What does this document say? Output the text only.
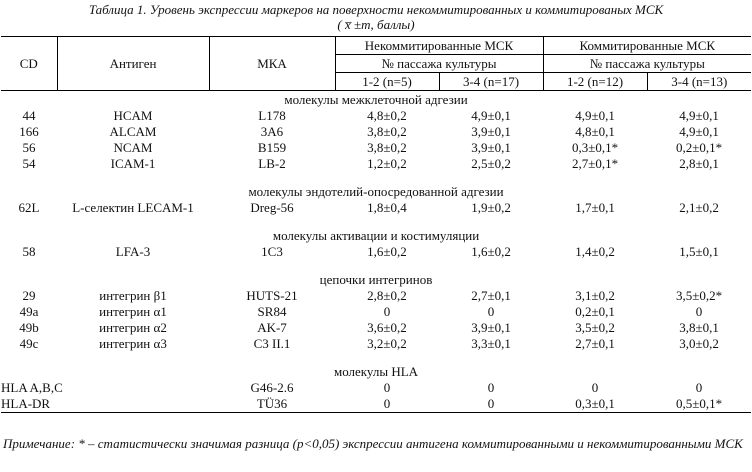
Таблица 1. Уровень экспрессии маркеров на поверхности некоммитированных и коммитированых МСК
( x̅ ±m, баллы)
CD	Антиген	МКА	Некоммитированные МСК		Коммитированные МСК	
			№ пассажа культуры		№ пассажа культуры	
			1-2 (n=5)	3-4 (n=17)	1-2 (n=12)	3-4 (n=13)
молекулы межклеточной адгезии						
44	HCAM	L178	4,8±0,2	4,9±0,1	4,9±0,1	4,9±0,1
166	ALCAM	3A6	3,8±0,2	3,9±0,1	4,8±0,1	4,9±0,1
56	NCAM	B159	3,8±0,2	3,9±0,1	0,3±0,1*	0,2±0,1*
54	ICAM-1	LB-2	1,2±0,2	2,5±0,2	2,7±0,1*	2,8±0,1

молекулы эндотелий-опосредованной адгезии						
62L	L-селектин LECAM-1	Dreg-56	1,8±0,4	1,9±0,2	1,7±0,1	2,1±0,2

молекулы активации и костимуляции						
58	LFA-3	1C3	1,6±0,2	1,6±0,2	1,4±0,2	1,5±0,1

цепочки интегринов						
29	интегрин β1	HUTS-21	2,8±0,2	2,7±0,1	3,1±0,2	3,5±0,2*
49a	интегрин α1	SR84	0	0	0,2±0,1	0
49b	интегрин α2	AK-7	3,6±0,2	3,9±0,1	3,5±0,2	3,8±0,1
49c	интегрин α3	C3 II.1	3,2±0,2	3,3±0,1	2,7±0,1	3,0±0,2

молекулы HLA						
HLA A,B,C		G46-2.6	0	0	0	0
HLA-DR		TÜ36	0	0	0,3±0,1	0,5±0,1*
Примечание: * – статистически значимая разница (p<0,05) экспрессии антигена коммитированными и некоммитированными МСК
